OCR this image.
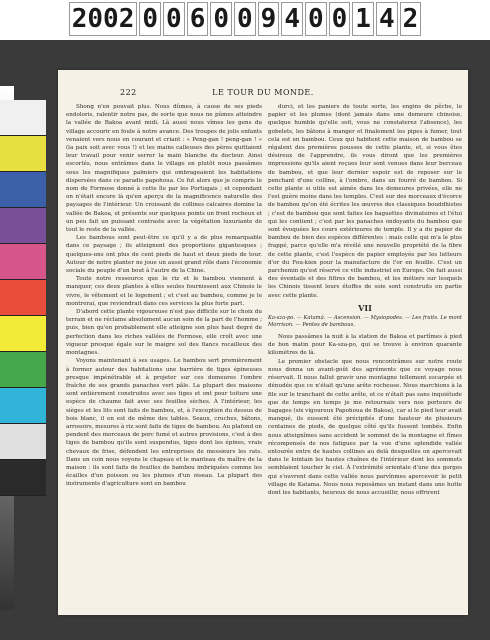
2002 0 0 6 0 0 9 4 0 0 1 4 2
222	LE TOUR DU MONDE.

Shong n'en pouvait plus. Nous dûmes, à cause de ses pieds endoloris, ralentir notre pas, de sorte que nous ne pûmes atteindre la vallée de Bakoa avant midi. Là aussi nous vîmes les gens du village accourir en foule à notre avance. Des troupes de jolis enfants venaient vers nous en courant et criant : « Peng-gan ! peng-gan ! » (la paix soit avec vous !) et les mains calleuses des pères quittaient leur travail pour venir serrer la main blanche du docteur. Ainsi escortés, nous entrâmes dans le village en plutôt nous passâmes sous les magnifiques palmiers qui ombrageaient les habitations dispersées dans ce paradis papohoua. Ce fut alors que je compris le nom de Formose donné à cette île par les Portugais ; et cependant on n'était encore là qu'en aperçu de la magnificence naturelle des paysages de l'intérieur. Un croissant de collines calcaires domine la vallée de Bakoa, et présente sur quelques points un front rocheux et un peu fait un puissant contraste avec la végétation luxuriante de tout le reste de la vallée.

Les bambous sont peut-être ce qu'il y a de plus remarquable dans ce paysage ; ils atteignent des proportions gigantesques ; quelques-uns ont plus de cent pieds de haut et deux pieds de tour. Autour de notre planter ne joue un aussi grand rôle dans l'économie sociale du peuple d'un bout à l'autre de la Chine.

Toute notre ressource que le riz et le bambou viennent à manquer, ces deux plantes à elles seules fournissent aux Chinois le vivre, le vêtement et le logement ; et c'est au bambou, comme je le montrerai, que reviendrait dans ces services la plus forte part.

D'abord cette plante vigoureuse n'est pas difficile sur le choix du terrain et ne réclame absolument aucun soin de la part de l'homme ; puis, bien qu'en probablement elle atteigne son plus haut degré de perfection dans les riches vallées de Formose, elle croît avec une vigueur presque égale sur le maigre sol des flancs rocailleux des montagnes.

Voyons maintenant à ses usages. Le bambou sert premièrement à former autour des habitations une barrière de tiges épineuses presque impénétrable et à projeter sur ces demeures l'ombre fraîche de ses grands panaches vert pâle. La plupart des maisons sont entièrement construites avec ses tiges et ont pour toiture une espèce de chaume fait avec ses feuilles sèches. À l'intérieur, les sièges et les lits sont faits de bambou, et, à l'exception du dessus de bois blanc, il en est de même des tables. Seaux, cruches, bâtons, arrosoirs, mesures à riz sont faits de tiges de bambou. Au plafond on pendent des morceaux de porc fumé et autres provisions, c'est à des tiges de bambou qu'ils sont suspendus, tiges dont les épines, vrais chevaux de frise, défendent les entreprises de messieurs les rats. Dans un coin nous voyons le chapeau et le manteau du maître de la maison : ils sont faits de feuilles de bambou imbriquées comme les écailles d'un poisson ou les plumes d'un oiseau. La plupart des instruments d'agriculture sont en bambou

durci, et les paniers de toute sorte, les engins de pêche, le papier et les plumes (dont jamais dans une demeure chinoise, quelque humble qu'elle soit, vous ne constaterez l'absence), les gobelets, les bâtons à manger et finalement les pipes à fumer, tout cela est en bambou. Ceux qui habitent cette maison de bambou se régalent des premières pousses de cette plante, et, si vous êtes désireux de l'apprendre, ils vous diront que les premières impressions qu'ils aient reçues leur sont venues dans leur berceau de bambou, et que leur dernier espoir est de reposer sur le penchant d'une colline, à l'ombre, dans un fourré de bambou. Si cette plante si utile est aimée dans les demeures privées, elle ne l'est guère moins dans les temples. C'est sur des morceaux d'écorce de bambou qu'on été écrites les œuvres des classiques bouddhistes ; c'est de bambou que sont faites les baguettes divinatoires et l'étui qui les contient ; c'est par les panaches ondoyants du bambou que sont évoquées les cours extérieures de temple. Il y a du papier de bambou de bien des espèces différentes : mais celle qui m'a le plus frappé, parce qu'elle m'a révélé une nouvelle propriété de la fibre de cette plante, c'est l'espèce de papier employée par les lutteurs d'or du Fou-kien pour la manufacture de l'or en feuille. C'est un parchemin qu'est réservé ce ville industriel en Europe. On fait aussi des éventails et des filtres de bambou, et les métiers sur lesquels les Chinois tissent leurs étoffes de soie sont construits en partie avec cette plante.

VII
Ka-sza-po. — Katamá. — Ascension. — Mysiopodes. — Les fruits. Le mont Morrison. — Pentes de bambous.

Nous passâmes la nuit à la station de Bakoa et partîmes à pied de bon matin pour Ka-sza-po, qui se trouve à environ quarante kilomètres de là.

Le premier obstacle que nous rencontrâmes sur notre route nous donna un avant-goût des agréments que ce voyage nous réservait. Il nous fallut gravir une montagne tellement escarpée et dénudée que ce n'était qu'une arête rocheuse. Nous marchions à la file sur le tranchant de cette arête, et ce n'était pas sans inquiétude que de temps en temps je me retournais vers nos porteurs de bagages (six vigoureux Papohoua de Bakoa), car si le pied leur avait manqué, ils eussent été précipités d'une hauteur de plusieurs centaines de pieds, de quelque côté qu'ils fussent tombés. Enfin nous atteignîmes sans accident le sommet de la montagne et fîmes récompensés de nos fatigues par la vue d'une splendide vallée entourée entre de hautes collines au delà desquelles on apercevait dans le lointain les hautes chaînes de l'intérieur dont les sommets semblaient toucher le ciel. À l'extrémité orientale d'une des gorges qui s'ouvrent dans cette vallée nous parvînmes apercevoir le petit village de Katama. Nous nous reposâmes un instant dans une hutte dont les habitants, heureux de nous accueillir, nous offrirent
